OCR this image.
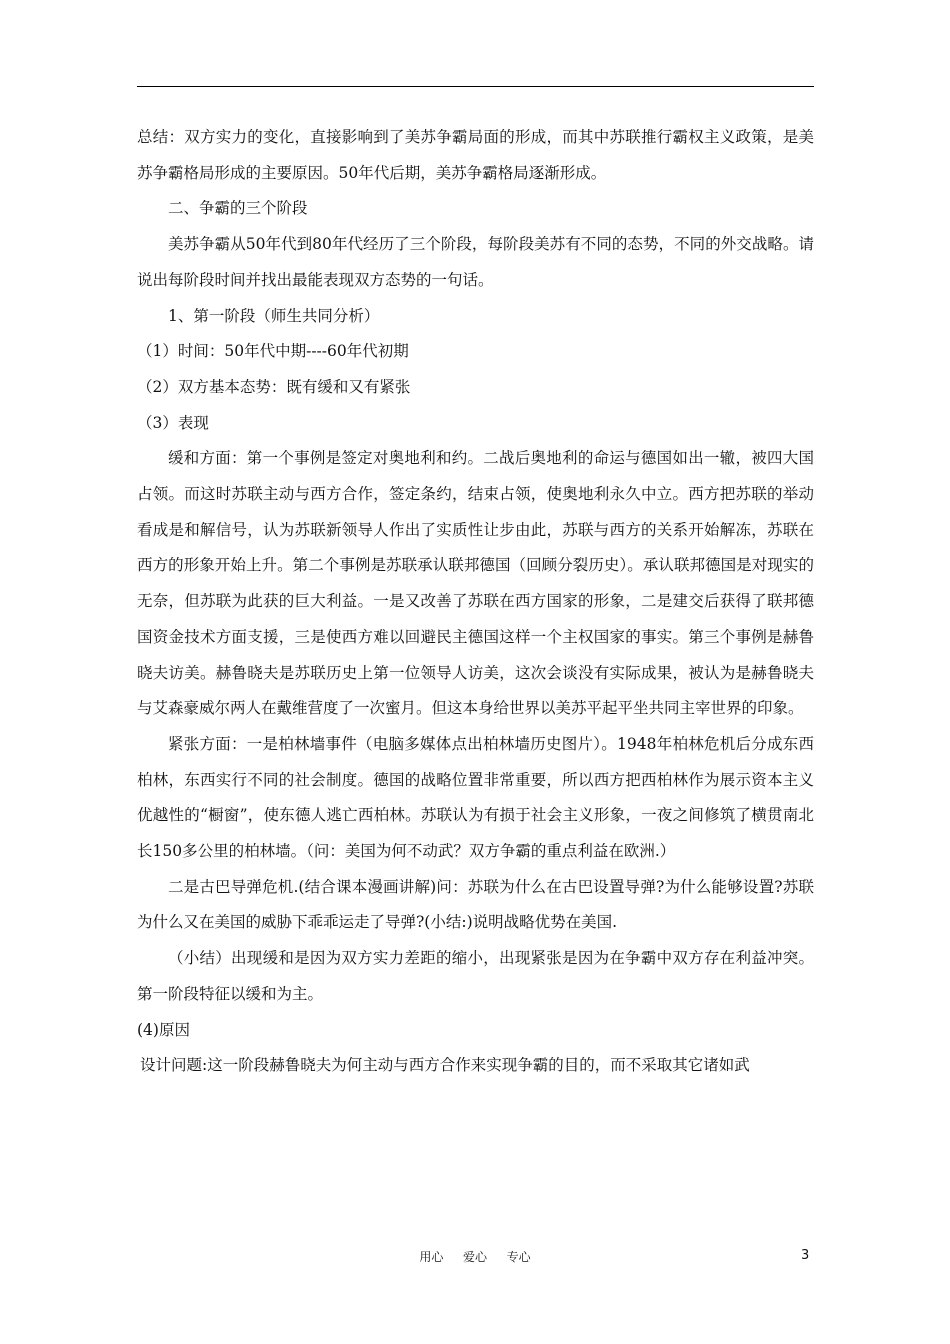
总结：双方实力的变化，直接影响到了美苏争霸局面的形成，而其中苏联推行霸权主义政策，是美苏争霸格局形成的主要原因。50年代后期，美苏争霸格局逐渐形成。

二、争霸的三个阶段

美苏争霸从50年代到80年代经历了三个阶段，每阶段美苏有不同的态势，不同的外交战略。请说出每阶段时间并找出最能表现双方态势的一句话。

1、第一阶段（师生共同分析）

（1）时间：50年代中期----60年代初期

（2）双方基本态势：既有缓和又有紧张

（3）表现

缓和方面：第一个事例是签定对奥地利和约。二战后奥地利的命运与德国如出一辙，被四大国占领。而这时苏联主动与西方合作，签定条约，结束占领，使奥地利永久中立。西方把苏联的举动看成是和解信号，认为苏联新领导人作出了实质性让步由此，苏联与西方的关系开始解冻，苏联在西方的形象开始上升。第二个事例是苏联承认联邦德国（回顾分裂历史）。承认联邦德国是对现实的无奈，但苏联为此获的巨大利益。一是又改善了苏联在西方国家的形象，二是建交后获得了联邦德国资金技术方面支援，三是使西方难以回避民主德国这样一个主权国家的事实。第三个事例是赫鲁晓夫访美。赫鲁晓夫是苏联历史上第一位领导人访美，这次会谈没有实际成果，被认为是赫鲁晓夫与艾森豪威尔两人在戴维营度了一次蜜月。但这本身给世界以美苏平起平坐共同主宰世界的印象。

紧张方面：一是柏林墙事件（电脑多媒体点出柏林墙历史图片）。1948年柏林危机后分成东西柏林，东西实行不同的社会制度。德国的战略位置非常重要，所以西方把西柏林作为展示资本主义优越性的“橱窗”，使东德人逃亡西柏林。苏联认为有损于社会主义形象，一夜之间修筑了横贯南北长150多公里的柏林墙。（问：美国为何不动武？双方争霸的重点利益在欧洲.）

二是古巴导弹危机.(结合课本漫画讲解)问：苏联为什么在古巴设置导弹?为什么能够设置?苏联为什么又在美国的威胁下乖乖运走了导弹?(小结:)说明战略优势在美国.

（小结）出现缓和是因为双方实力差距的缩小，出现紧张是因为在争霸中双方存在利益冲突。第一阶段特征以缓和为主。

(4)原因

设计问题:这一阶段赫鲁晓夫为何主动与西方合作来实现争霸的目的，而不采取其它诸如武

用心  爱心  专心	3
